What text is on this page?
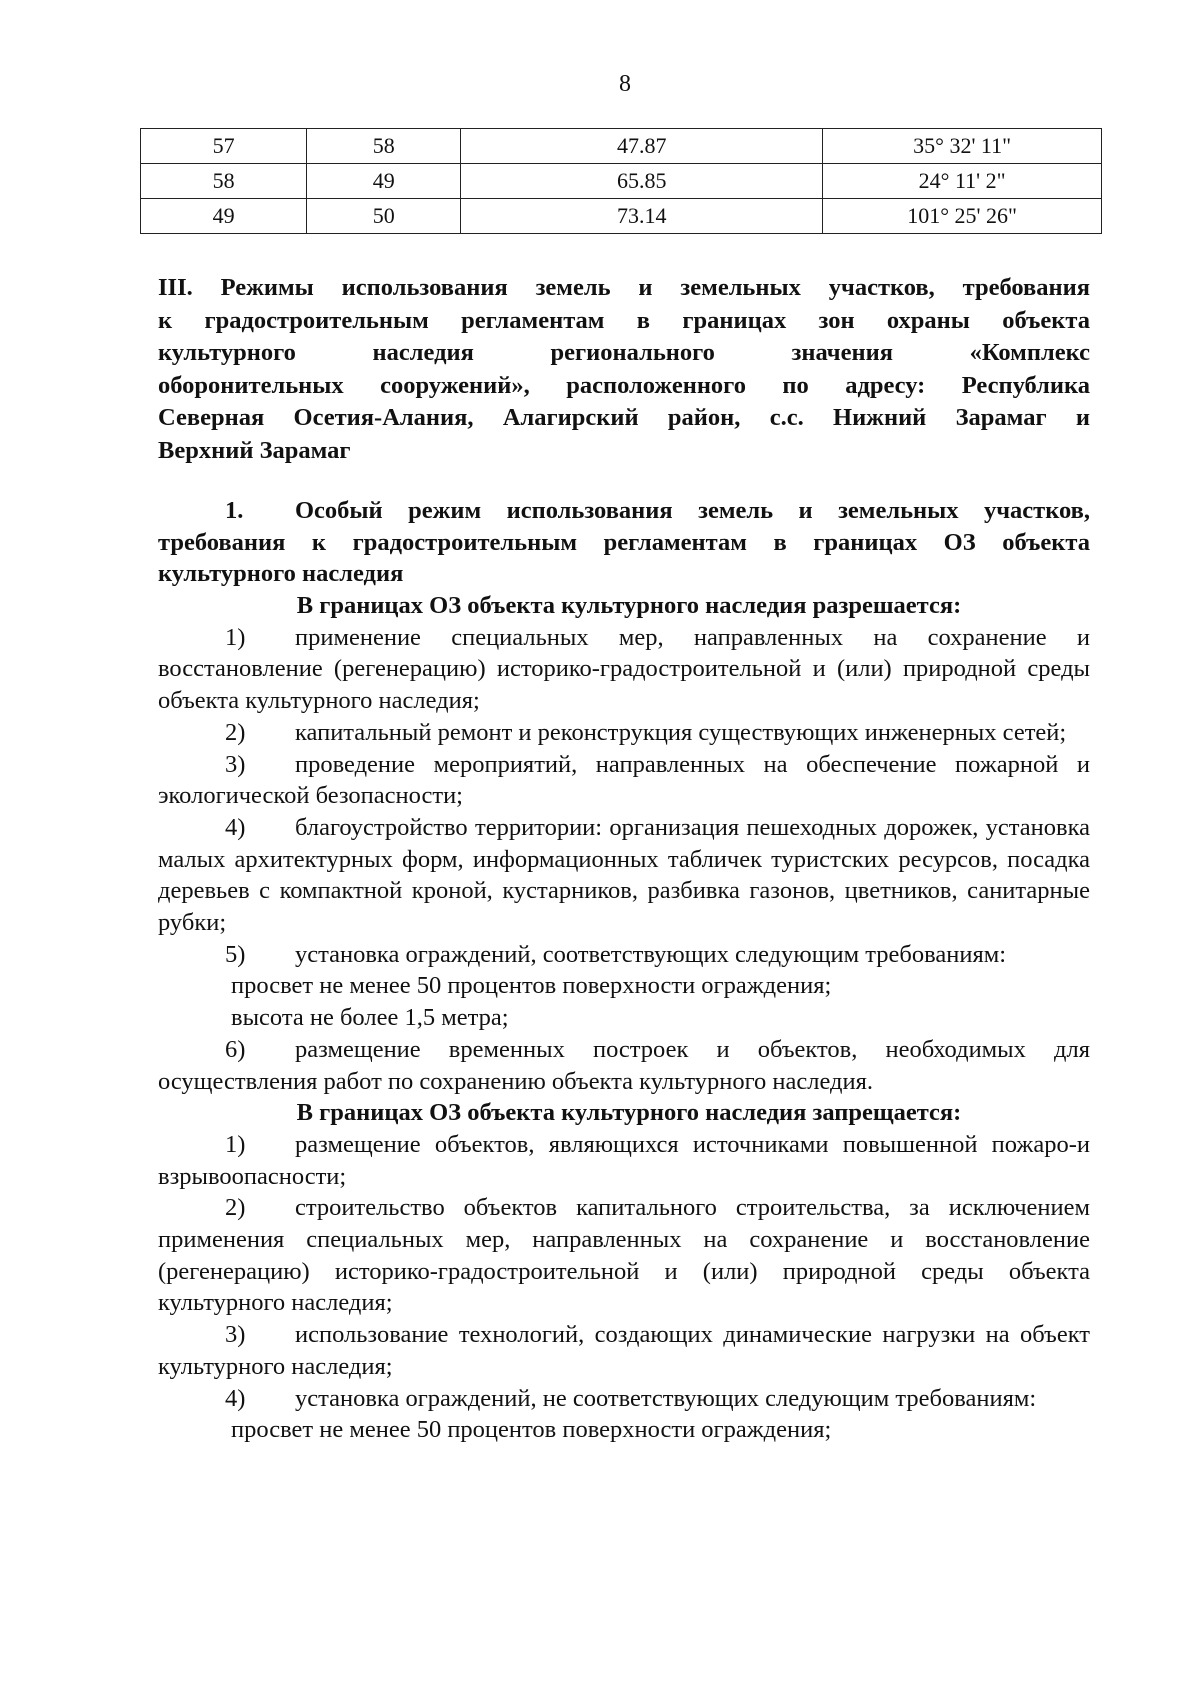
8
57	58	47.87	35° 32' 11"
58	49	65.85	24° 11' 2"
49	50	73.14	101° 25' 26"
III. Режимы использования земель и земельных участков, требования
к градостроительным регламентам в границах зон охраны объекта
культурного наследия регионального значения «Комплекс
оборонительных сооружений», расположенного по адресу: Республика
Северная Осетия-Алания, Алагирский район, с.с. Нижний Зарамаг и
Верхний Зарамаг
1. Особый режим использования земель и земельных участков,
требования к градостроительным регламентам в границах ОЗ объекта
культурного наследия

В границах ОЗ объекта культурного наследия разрешается:

1) применение специальных мер, направленных на сохранение и восстановление (регенерацию) историко-градостроительной и (или) природной среды объекта культурного наследия;

2) капитальный ремонт и реконструкция существующих инженерных сетей;

3) проведение мероприятий, направленных на обеспечение пожарной и экологической безопасности;

4) благоустройство территории: организация пешеходных дорожек, установка малых архитектурных форм, информационных табличек туристских ресурсов, посадка деревьев с компактной кроной, кустарников, разбивка газонов, цветников, санитарные рубки;

5) установка ограждений, соответствующих следующим требованиям:

просвет не менее 50 процентов поверхности ограждения;

высота не более 1,5 метра;

6) размещение временных построек и объектов, необходимых для осуществления работ по сохранению объекта культурного наследия.

В границах ОЗ объекта культурного наследия запрещается:

1) размещение объектов, являющихся источниками повышенной пожаро-и взрывоопасности;

2) строительство объектов капитального строительства, за исключением применения специальных мер, направленных на сохранение и восстановление (регенерацию) историко-градостроительной и (или) природной среды объекта культурного наследия;

3) использование технологий, создающих динамические нагрузки на объект культурного наследия;

4) установка ограждений, не соответствующих следующим требованиям:

просвет не менее 50 процентов поверхности ограждения;
